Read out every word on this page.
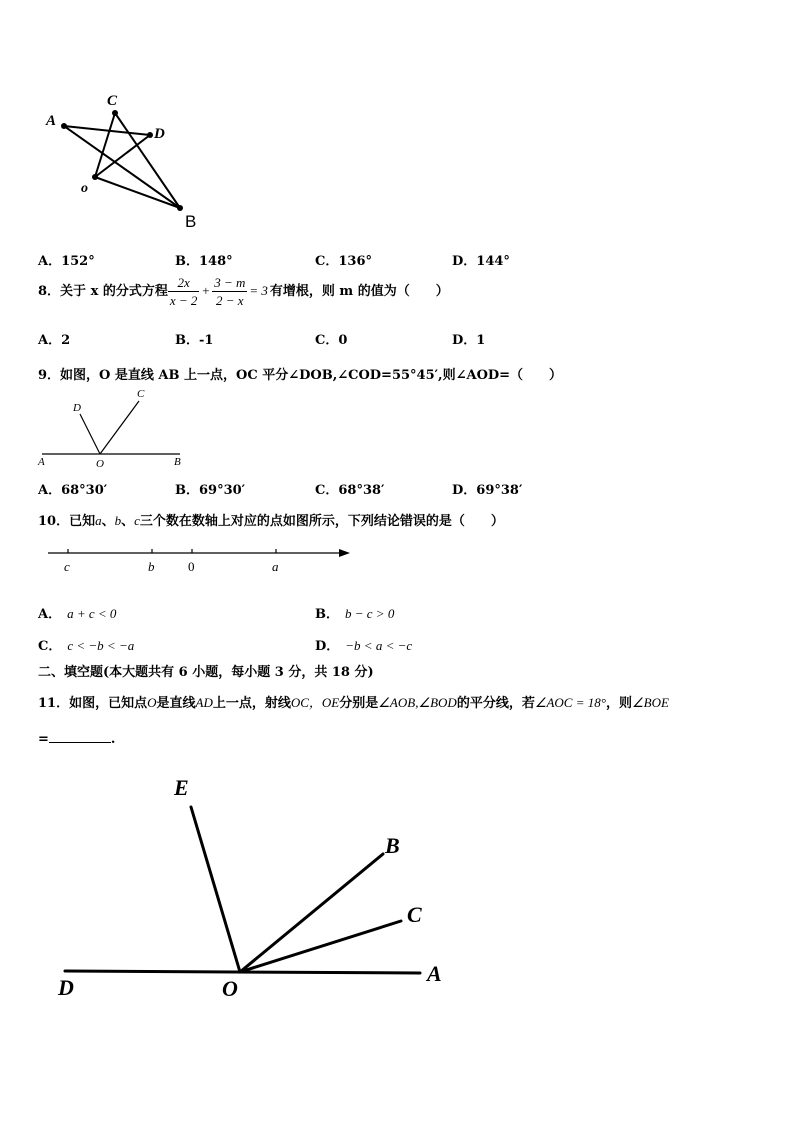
A
C
D
o
B
A．152°	B．148°	C．136°	D．144°
8．关于 x 的分式方程 $\frac{2x}{x - 2} + \frac{3 - m}{2 - x} = 3$ 有增根，则 m 的值为（　　）
A．2	B．-1	C．0	D．1
9．如图，O 是直线 AB 上一点，OC 平分∠DOB,∠COD=55°45′,则∠AOD=（　　）
A	O	B
C
D
A．68°30′	B．69°30′	C．68°38′	D．69°38′
10．已知a、b、c三个数在数轴上对应的点如图所示，下列结论错误的是（　　）
c	b	0	a
A． a + c < 0	B． b − c > 0
C． c < −b < −a	D． −b < a < −c
二、填空题(本大题共有 6 小题，每小题 3 分，共 18 分)
11．如图，已知点O是直线AD上一点，射线OC，OE分别是∠AOB,∠BOD的平分线，若∠AOC = 18°，则∠BOE
=	.
E
B
C
D	O
A
